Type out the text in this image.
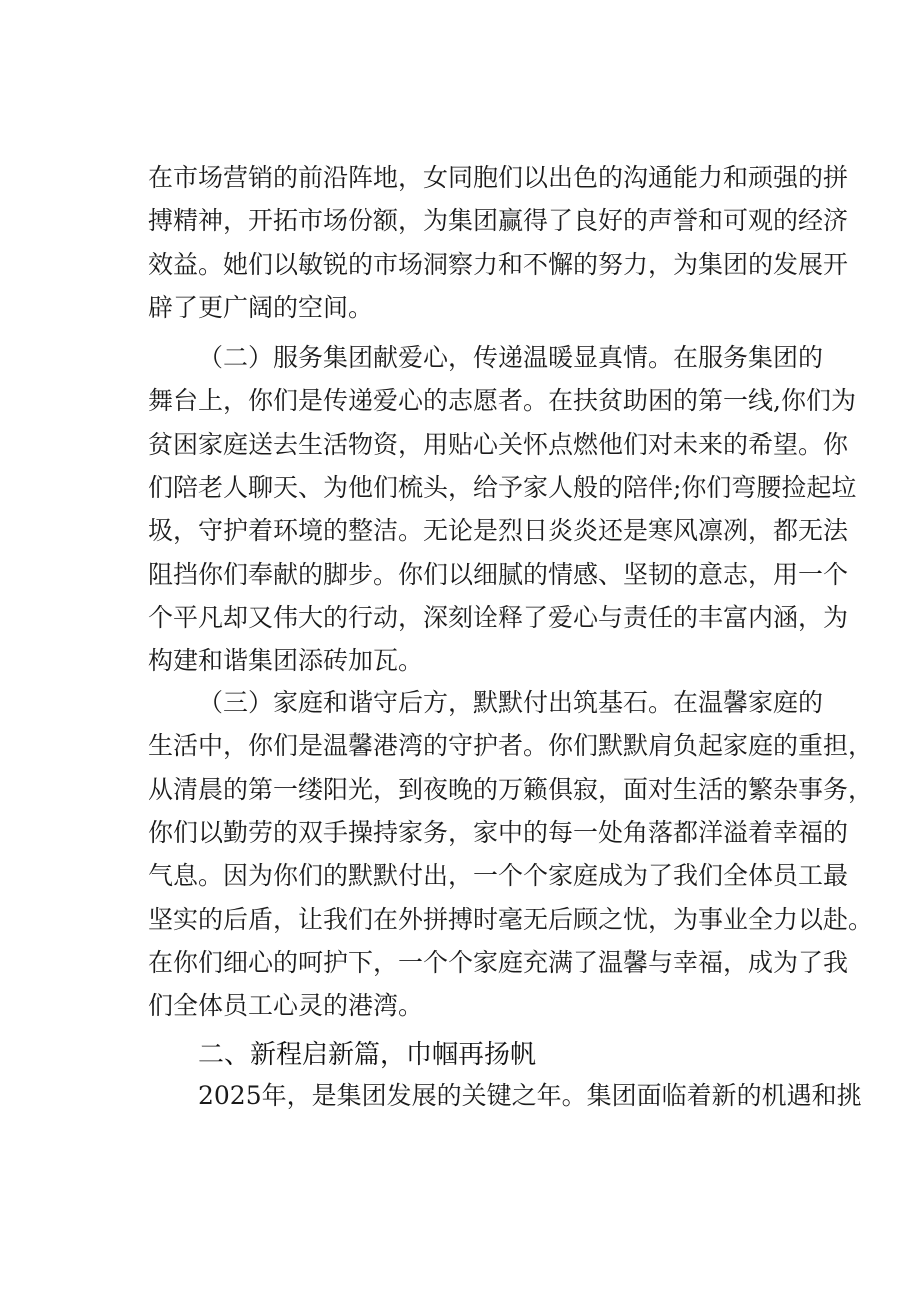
在市场营销的前沿阵地，女同胞们以出色的沟通能力和顽强的拼
搏精神，开拓市场份额，为集团赢得了良好的声誉和可观的经济
效益。她们以敏锐的市场洞察力和不懈的努力，为集团的发展开
辟了更广阔的空间。
（二）服务集团献爱心，传递温暖显真情。在服务集团的
舞台上，你们是传递爱心的志愿者。在扶贫助困的第一线,你们为
贫困家庭送去生活物资，用贴心关怀点燃他们对未来的希望。你
们陪老人聊天、为他们梳头，给予家人般的陪伴;你们弯腰捡起垃
圾，守护着环境的整洁。无论是烈日炎炎还是寒风凛冽，都无法
阻挡你们奉献的脚步。你们以细腻的情感、坚韧的意志，用一个
个平凡却又伟大的行动，深刻诠释了爱心与责任的丰富内涵，为
构建和谐集团添砖加瓦。
（三）家庭和谐守后方，默默付出筑基石。在温馨家庭的
生活中，你们是温馨港湾的守护者。你们默默肩负起家庭的重担，
从清晨的第一缕阳光，到夜晚的万籁俱寂，面对生活的繁杂事务，
你们以勤劳的双手操持家务，家中的每一处角落都洋溢着幸福的
气息。因为你们的默默付出，一个个家庭成为了我们全体员工最
坚实的后盾，让我们在外拼搏时毫无后顾之忧，为事业全力以赴。
在你们细心的呵护下，一个个家庭充满了温馨与幸福，成为了我
们全体员工心灵的港湾。
二、新程启新篇，巾帼再扬帆
2025年，是集团发展的关键之年。集团面临着新的机遇和挑
